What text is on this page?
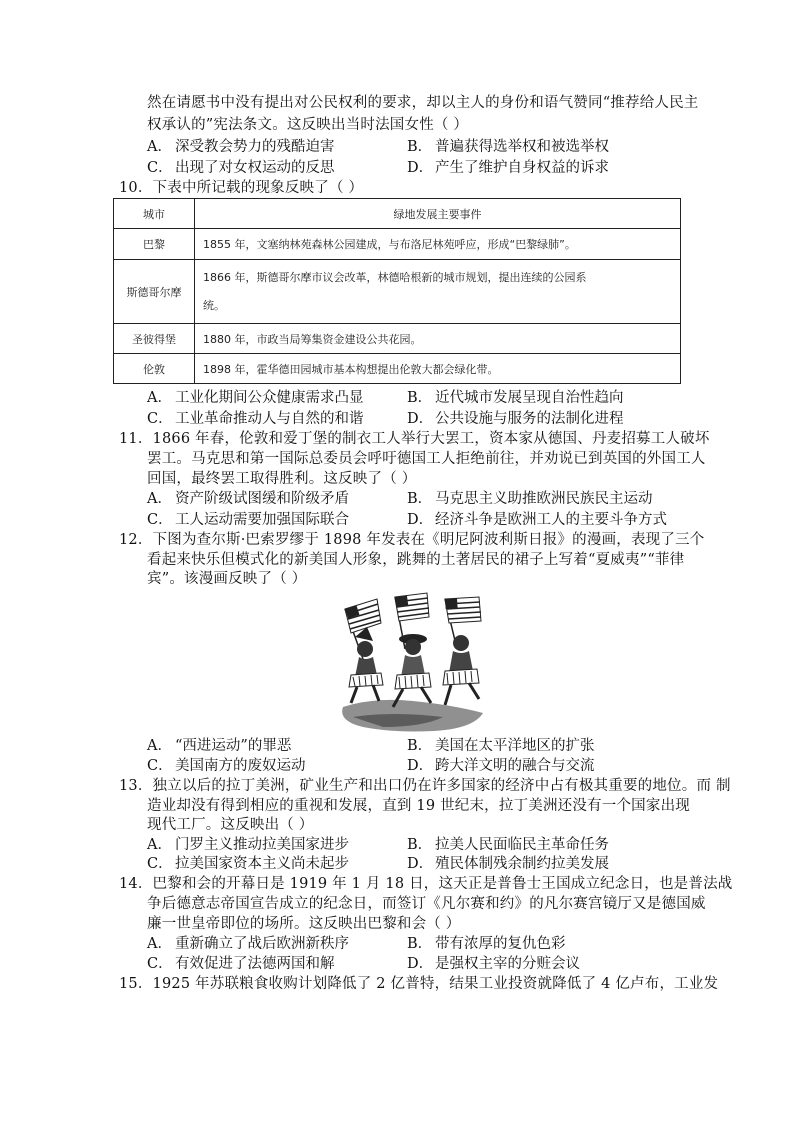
然在请愿书中没有提出对公民权利的要求，却以主人的身份和语气赞同“推荐给人民主
权承认的”宪法条文。这反映出当时法国女性（ ）
A． 深受教会势力的残酷迫害	B． 普遍获得选举权和被选举权
C． 出现了对女权运动的反思	D． 产生了维护自身权益的诉求
10．下表中所记载的现象反映了（ ）
城市	绿地发展主要事件
巴黎	1855 年，文塞纳林苑森林公园建成，与布洛尼林苑呼应，形成“巴黎绿肺”。
斯德哥尔摩	1866 年，斯德哥尔摩市议会改革，林德哈根新的城市规划，提出连续的公园系
统。

圣彼得堡	1880 年，市政当局筹集资金建设公共花园。
伦敦	1898 年，霍华德田园城市基本构想提出伦敦大都会绿化带。
A． 工业化期间公众健康需求凸显	B． 近代城市发展呈现自治性趋向
C． 工业革命推动人与自然的和谐	D． 公共设施与服务的法制化进程
11．1866 年春，伦敦和爱丁堡的制衣工人举行大罢工，资本家从德国、丹麦招募工人破坏
罢工。马克思和第一国际总委员会呼吁德国工人拒绝前往，并劝说已到英国的外国工人
回国，最终罢工取得胜利。这反映了（ ）
A． 资产阶级试图缓和阶级矛盾	B． 马克思主义助推欧洲民族民主运动
C． 工人运动需要加强国际联合	D． 经济斗争是欧洲工人的主要斗争方式
12．下图为查尔斯·巴索罗缪于 1898 年发表在《明尼阿波利斯日报》的漫画，表现了三个
看起来快乐但模式化的新美国人形象，跳舞的土著居民的裙子上写着“夏威夷”“菲律
宾”。该漫画反映了（ ）
A． “西进运动”的罪恶	B． 美国在太平洋地区的扩张
C． 美国南方的废奴运动	D． 跨大洋文明的融合与交流
13．独立以后的拉丁美洲，矿业生产和出口仍在许多国家的经济中占有极其重要的地位。而 制
造业却没有得到相应的重视和发展，直到 19 世纪末，拉丁美洲还没有一个国家出现
现代工厂。这反映出（ ）
A． 门罗主义推动拉美国家进步	B． 拉美人民面临民主革命任务
C． 拉美国家资本主义尚未起步	D． 殖民体制残余制约拉美发展
14．巴黎和会的开幕日是 1919 年 1 月 18 日，这天正是普鲁士王国成立纪念日，也是普法战
争后德意志帝国宣告成立的纪念日，而签订《凡尔赛和约》的凡尔赛宫镜厅又是德国威
廉一世皇帝即位的场所。这反映出巴黎和会（ ）
A． 重新确立了战后欧洲新秩序	B． 带有浓厚的复仇色彩
C． 有效促进了法德两国和解	D． 是强权主宰的分赃会议
15．1925 年苏联粮食收购计划降低了 2 亿普特，结果工业投资就降低了 4 亿卢布，工业发
